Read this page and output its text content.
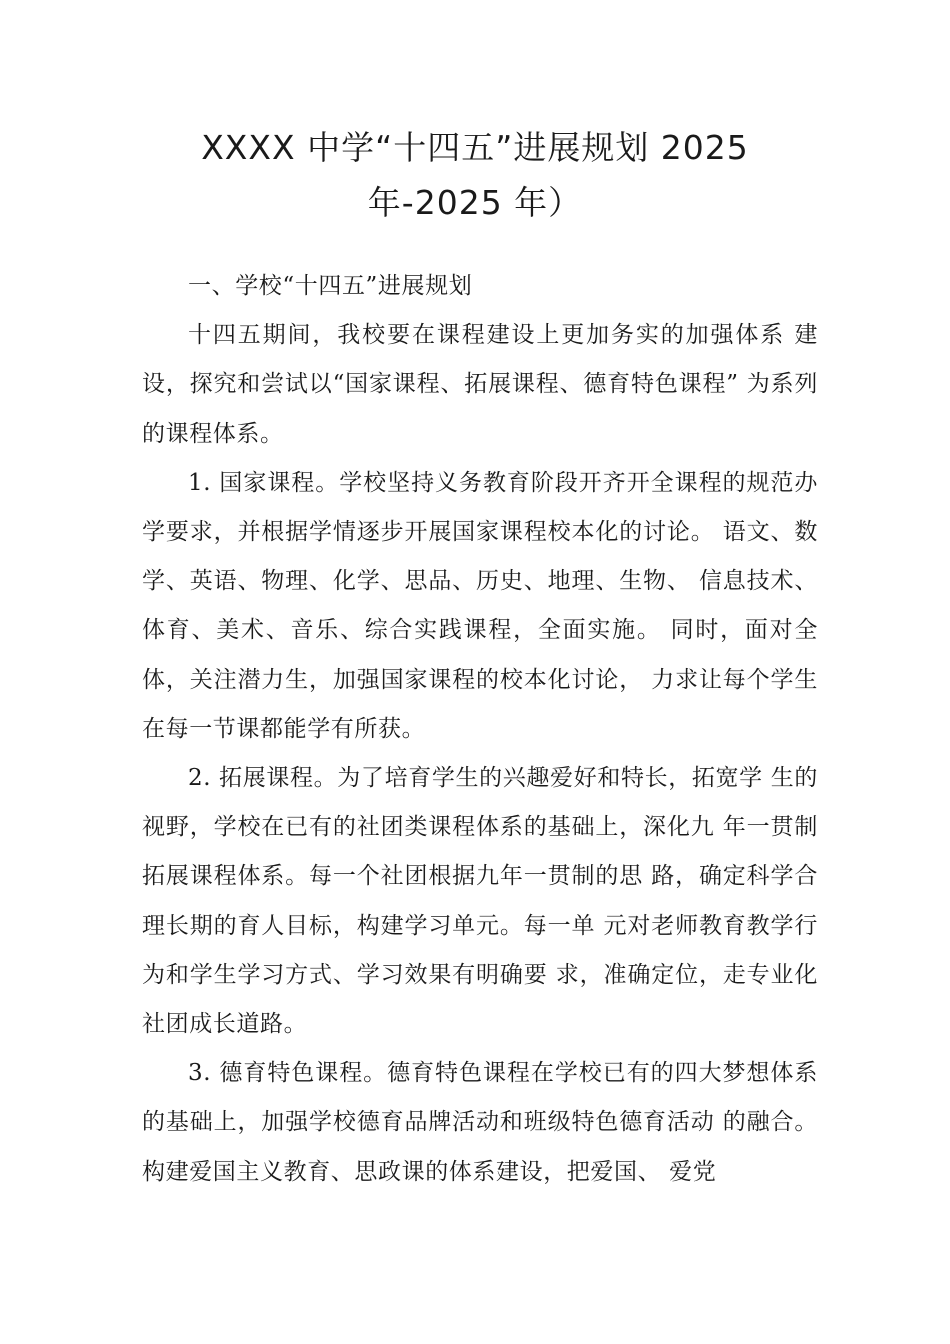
XXXX 中学“十四五”进展规划 2025 年-2025 年）

一、学校“十四五”进展规划

十四五期间，我校要在课程建设上更加务实的加强体系 建设，探究和尝试以“国家课程、拓展课程、德育特色课程” 为系列的课程体系。

1. 国家课程。学校坚持义务教育阶段开齐开全课程的规范办学要求，并根据学情逐步开展国家课程校本化的讨论。 语文、数学、英语、物理、化学、思品、历史、地理、生物、 信息技术、体育、美术、音乐、综合实践课程，全面实施。 同时，面对全体，关注潜力生，加强国家课程的校本化讨论， 力求让每个学生在每一节课都能学有所获。

2. 拓展课程。为了培育学生的兴趣爱好和特长，拓宽学 生的视野，学校在已有的社团类课程体系的基础上，深化九 年一贯制拓展课程体系。每一个社团根据九年一贯制的思 路，确定科学合理长期的育人目标，构建学习单元。每一单 元对老师教育教学行为和学生学习方式、学习效果有明确要 求，准确定位，走专业化社团成长道路。

3. 德育特色课程。德育特色课程在学校已有的四大梦想体系的基础上，加强学校德育品牌活动和班级特色德育活动 的融合。构建爱国主义教育、思政课的体系建设，把爱国、 爱党
